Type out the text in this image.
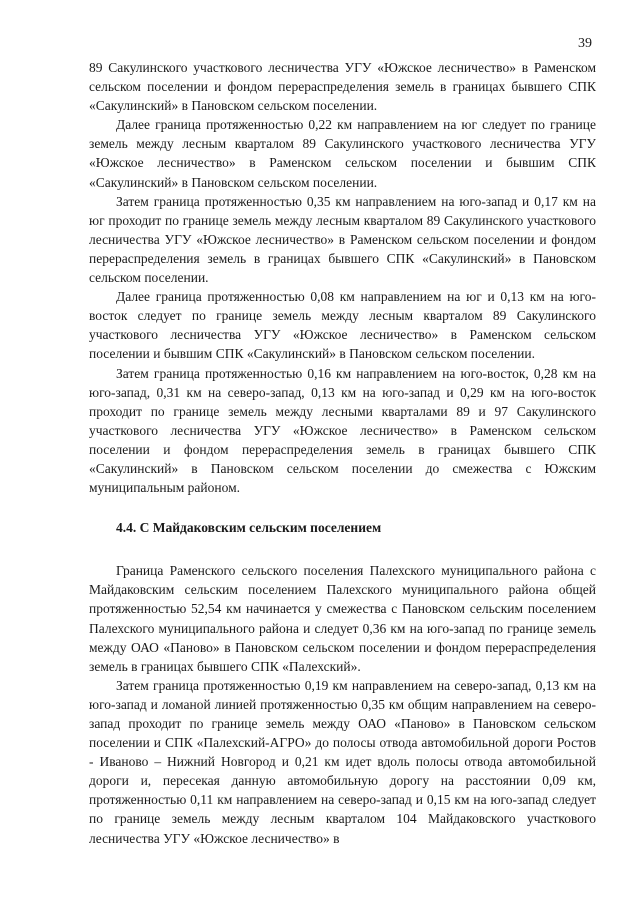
39

89 Сакулинского участкового лесничества УГУ «Южское лесничество» в Раменском сельском поселении и фондом перераспределения земель в границах бывшего СПК «Сакулинский» в Пановском сельском поселении.

Далее граница протяженностью 0,22 км направлением на юг следует по границе земель между лесным кварталом 89 Сакулинского участкового лесничества УГУ «Южское лесничество» в Раменском сельском поселении и бывшим СПК «Сакулинский» в Пановском сельском поселении.

Затем граница протяженностью 0,35 км направлением на юго-запад и 0,17 км на юг проходит по границе земель между лесным кварталом 89 Сакулинского участкового лесничества УГУ «Южское лесничество» в Раменском сельском поселении и фондом перераспределения земель в границах бывшего СПК «Сакулинский» в Пановском сельском поселении.

Далее граница протяженностью 0,08 км направлением на юг и 0,13 км на юго-восток следует по границе земель между лесным кварталом 89 Сакулинского участкового лесничества УГУ «Южское лесничество» в Раменском сельском поселении и бывшим СПК «Сакулинский» в Пановском сельском поселении.

Затем граница протяженностью 0,16 км направлением на юго-восток, 0,28 км на юго-запад, 0,31 км на северо-запад, 0,13 км на юго-запад и 0,29 км на юго-восток проходит по границе земель между лесными кварталами 89 и 97 Сакулинского участкового лесничества УГУ «Южское лесничество» в Раменском сельском поселении и фондом перераспределения земель в границах бывшего СПК «Сакулинский» в Пановском сельском поселении до смежества с Южским муниципальным районом.

4.4. С Майдаковским сельским поселением

Граница Раменского сельского поселения Палехского муниципального района с Майдаковским сельским поселением Палехского муниципального района общей протяженностью 52,54 км начинается у смежества с Пановском сельским поселением Палехского муниципального района и следует 0,36 км на юго-запад по границе земель между ОАО «Паново» в Пановском сельском поселении и фондом перераспределения земель в границах бывшего СПК «Палехский».

Затем граница протяженностью 0,19 км направлением на северо-запад, 0,13 км на юго-запад и ломаной линией протяженностью 0,35 км общим направлением на северо-запад проходит по границе земель между ОАО «Паново» в Пановском сельском поселении и СПК «Палехский-АГРО» до полосы отвода автомобильной дороги Ростов - Иваново – Нижний Новгород и 0,21 км идет вдоль полосы отвода автомобильной дороги и, пересекая данную автомобильную дорогу на расстоянии 0,09 км, протяженностью 0,11 км направлением на северо-запад и 0,15 км на юго-запад следует по границе земель между лесным кварталом 104 Майдаковского участкового лесничества УГУ «Южское лесничество» в
